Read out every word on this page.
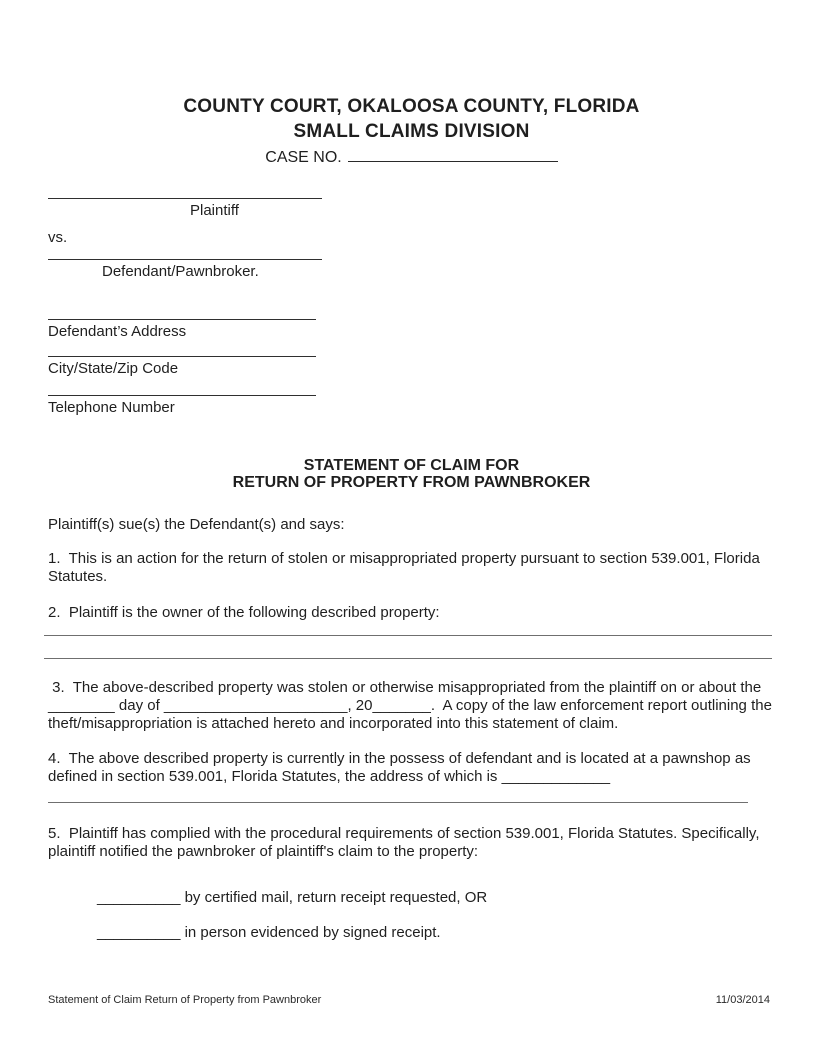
COUNTY COURT, OKALOOSA COUNTY, FLORIDA
SMALL CLAIMS DIVISION
CASE NO.
Plaintiff
vs.
Defendant/Pawnbroker.
Defendant’s Address
City/State/Zip Code
Telephone Number
STATEMENT OF CLAIM FOR
RETURN OF PROPERTY FROM PAWNBROKER

Plaintiff(s) sue(s) the Defendant(s) and says:

1.  This is an action for the return of stolen or misappropriated property pursuant to section 539.001, Florida Statutes.

2.  Plaintiff is the owner of the following described property:

3.  The above-described property was stolen or otherwise misappropriated from the plaintiff on or about the ________ day of ______________________, 20_______.  A copy of the law enforcement report outlining the theft/misappropriation is attached hereto and incorporated into this statement of claim.

4.  The above described property is currently in the possess of defendant and is located at a pawnshop as defined in section 539.001, Florida Statutes, the address of which is _____________

5.  Plaintiff has complied with the procedural requirements of section 539.001, Florida Statutes. Specifically, plaintiff notified the pawnbroker of plaintiff's claim to the property:

__________ by certified mail, return receipt requested, OR

__________ in person evidenced by signed receipt.

Statement of Claim Return of Property from Pawnbroker	11/03/2014
